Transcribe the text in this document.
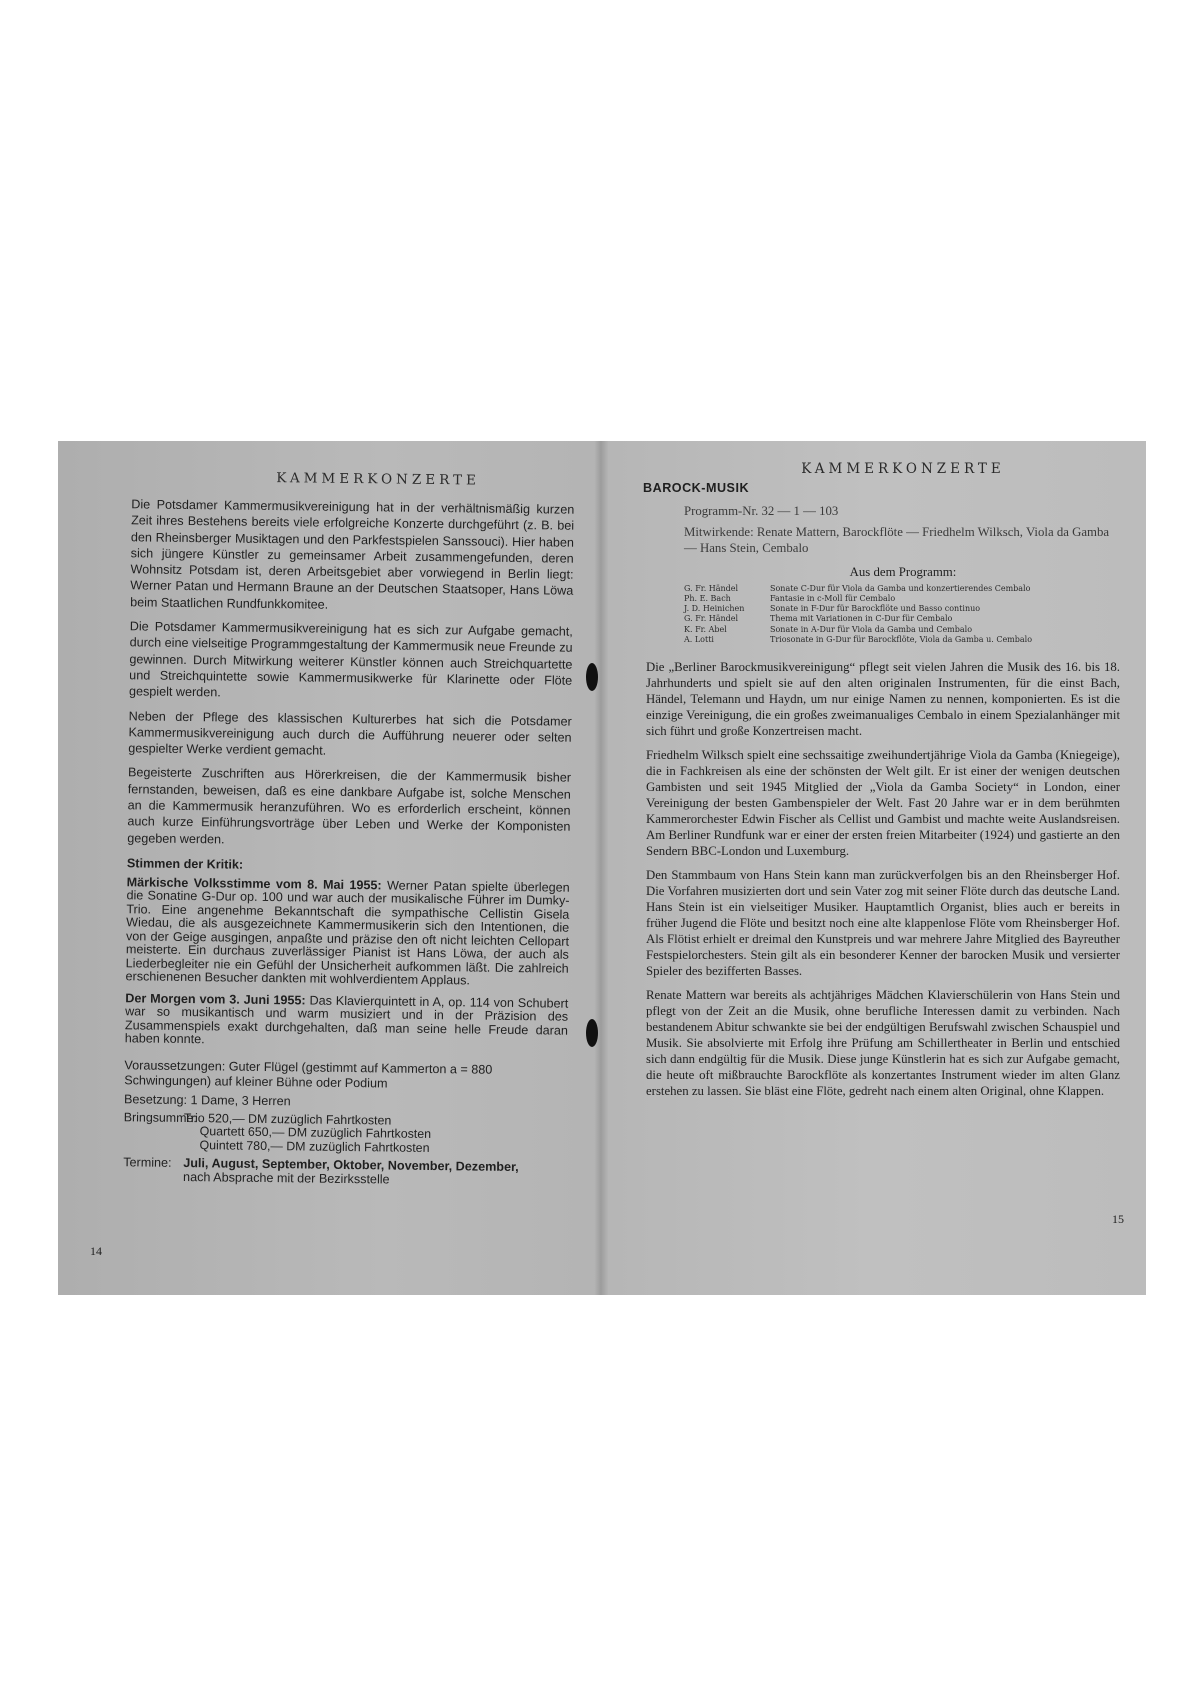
KAMMERKONZERTE

Die Potsdamer Kammermusikvereinigung hat in der verhältnismäßig kurzen Zeit ihres Bestehens bereits viele erfolgreiche Konzerte durchgeführt (z. B. bei den Rheinsberger Musiktagen und den Parkfestspielen Sanssouci). Hier haben sich jüngere Künstler zu gemeinsamer Arbeit zusammengefunden, deren Wohnsitz Potsdam ist, deren Arbeitsgebiet aber vorwiegend in Berlin liegt: Werner Patan und Hermann Braune an der Deutschen Staatsoper, Hans Löwa beim Staatlichen Rundfunkkomitee.

Die Potsdamer Kammermusikvereinigung hat es sich zur Aufgabe gemacht, durch eine vielseitige Programmgestaltung der Kammermusik neue Freunde zu gewinnen. Durch Mitwirkung weiterer Künstler können auch Streichquartette und Streichquintette sowie Kammermusikwerke für Klarinette oder Flöte gespielt werden.

Neben der Pflege des klassischen Kulturerbes hat sich die Potsdamer Kammermusikvereinigung auch durch die Aufführung neuerer oder selten gespielter Werke verdient gemacht.

Begeisterte Zuschriften aus Hörerkreisen, die der Kammermusik bisher fernstanden, beweisen, daß es eine dankbare Aufgabe ist, solche Menschen an die Kammermusik heranzuführen. Wo es erforderlich erscheint, können auch kurze Einführungsvorträge über Leben und Werke der Komponisten gegeben werden.

Stimmen der Kritik:

Märkische Volksstimme vom 8. Mai 1955: Werner Patan spielte überlegen die Sonatine G-Dur op. 100 und war auch der musikalische Führer im Dumky-Trio. Eine angenehme Bekanntschaft die sympathische Cellistin Gisela Wiedau, die als ausgezeichnete Kammermusikerin sich den Intentionen, die von der Geige ausgingen, anpaßte und präzise den oft nicht leichten Cellopart meisterte. Ein durchaus zuverlässiger Pianist ist Hans Löwa, der auch als Liederbegleiter nie ein Gefühl der Unsicherheit aufkommen läßt. Die zahlreich erschienenen Besucher dankten mit wohlverdientem Applaus.

Der Morgen vom 3. Juni 1955: Das Klavierquintett in A, op. 114 von Schubert war so musikantisch und warm musiziert und in der Präzision des Zusammenspiels exakt durchgehalten, daß man seine helle Freude daran haben konnte.

Voraussetzungen: Guter Flügel (gestimmt auf Kammerton a = 880 Schwingungen) auf kleiner Bühne oder Podium

Besetzung: 1 Dame, 3 Herren

Bringsumme:
Trio 520,— DM zuzüglich Fahrtkosten
Quartett 650,— DM zuzüglich Fahrtkosten
Quintett 780,— DM zuzüglich Fahrtkosten
Termine: Juli, August, September, Oktober, November, Dezember,
nach Absprache mit der Bezirksstelle
14
KAMMERKONZERTE
BAROCK-MUSIK
Programm-Nr. 32 — 1 — 103
Mitwirkende: Renate Mattern, Barockflöte — Friedhelm Wilksch, Viola da Gamba — Hans Stein, Cembalo
Aus dem Programm:
G. Fr. Händel	Sonate C-Dur für Viola da Gamba und konzertierendes Cembalo
Ph. E. Bach	Fantasie in c-Moll für Cembalo
J. D. Heinichen	Sonate in F-Dur für Barockflöte und Basso continuo
G. Fr. Händel	Thema mit Variationen in C-Dur für Cembalo
K. Fr. Abel	Sonate in A-Dur für Viola da Gamba und Cembalo
A. Lotti	Triosonate in G-Dur für Barockflöte, Viola da Gamba u. Cembalo

Die „Berliner Barockmusikvereinigung“ pflegt seit vielen Jahren die Musik des 16. bis 18. Jahrhunderts und spielt sie auf den alten originalen Instrumenten, für die einst Bach, Händel, Telemann und Haydn, um nur einige Namen zu nennen, komponierten. Es ist die einzige Vereinigung, die ein großes zweimanualiges Cembalo in einem Spezialanhänger mit sich führt und große Konzertreisen macht.

Friedhelm Wilksch spielt eine sechssaitige zweihundertjährige Viola da Gamba (Kniegeige), die in Fachkreisen als eine der schönsten der Welt gilt. Er ist einer der wenigen deutschen Gambisten und seit 1945 Mitglied der „Viola da Gamba Society“ in London, einer Vereinigung der besten Gambenspieler der Welt. Fast 20 Jahre war er in dem berühmten Kammerorchester Edwin Fischer als Cellist und Gambist und machte weite Auslandsreisen. Am Berliner Rundfunk war er einer der ersten freien Mitarbeiter (1924) und gastierte an den Sendern BBC-London und Luxemburg.

Den Stammbaum von Hans Stein kann man zurückverfolgen bis an den Rheinsberger Hof. Die Vorfahren musizierten dort und sein Vater zog mit seiner Flöte durch das deutsche Land. Hans Stein ist ein vielseitiger Musiker. Hauptamtlich Organist, blies auch er bereits in früher Jugend die Flöte und besitzt noch eine alte klappenlose Flöte vom Rheinsberger Hof. Als Flötist erhielt er dreimal den Kunstpreis und war mehrere Jahre Mitglied des Bayreuther Festspielorchesters. Stein gilt als ein besonderer Kenner der barocken Musik und versierter Spieler des bezifferten Basses.

Renate Mattern war bereits als achtjähriges Mädchen Klavierschülerin von Hans Stein und pflegt von der Zeit an die Musik, ohne berufliche Interessen damit zu verbinden. Nach bestandenem Abitur schwankte sie bei der endgültigen Berufswahl zwischen Schauspiel und Musik. Sie absolvierte mit Erfolg ihre Prüfung am Schillertheater in Berlin und entschied sich dann endgültig für die Musik. Diese junge Künstlerin hat es sich zur Aufgabe gemacht, die heute oft mißbrauchte Barockflöte als konzertantes Instrument wieder im alten Glanz erstehen zu lassen. Sie bläst eine Flöte, gedreht nach einem alten Original, ohne Klappen.

15
